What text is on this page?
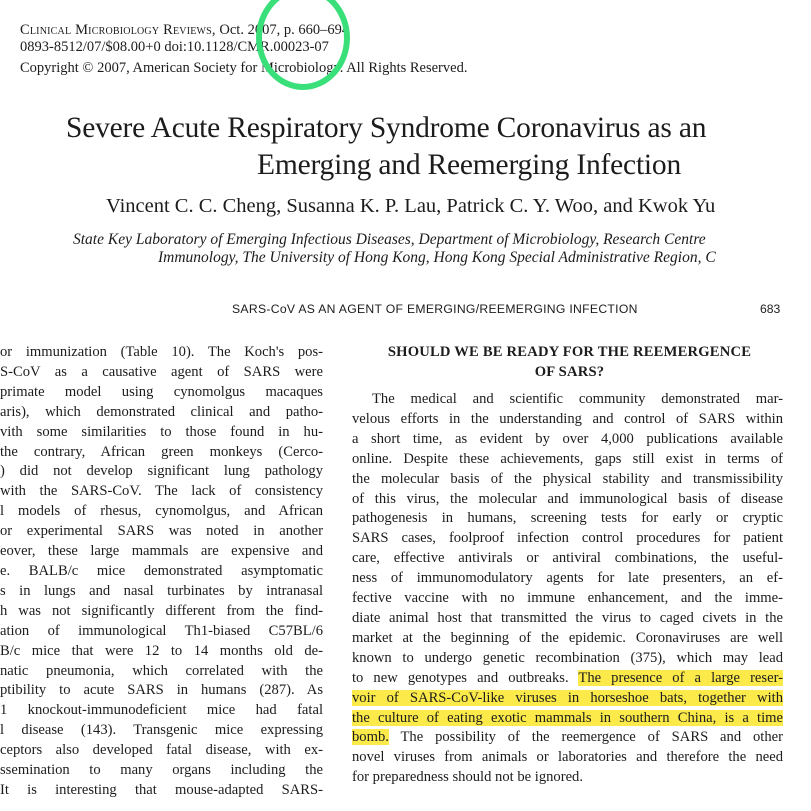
Clinical Microbiology Reviews, Oct. 2007, p. 660–694
0893-8512/07/$08.00+0 doi:10.1128/CMR.00023-07
Copyright © 2007, American Society for Microbiology. All Rights Reserved.
Severe Acute Respiratory Syndrome Coronavirus as an
Emerging and Reemerging Infection
Vincent C. C. Cheng, Susanna K. P. Lau, Patrick C. Y. Woo, and Kwok Yu
State Key Laboratory of Emerging Infectious Diseases, Department of Microbiology, Research Centre
Immunology, The University of Hong Kong, Hong Kong Special Administrative Region, C
SARS-CoV AS AN AGENT OF EMERGING/REEMERGING INFECTION	683
or immunization (Table 10). The Koch's pos-
S-CoV as a causative agent of SARS were
primate model using cynomolgus macaques
aris), which demonstrated clinical and patho-
vith some similarities to those found in hu-
the contrary, African green monkeys (Cerco-
) did not develop significant lung pathology
with the SARS-CoV. The lack of consistency
l models of rhesus, cynomolgus, and African
or experimental SARS was noted in another
eover, these large mammals are expensive and
e. BALB/c mice demonstrated asymptomatic
s in lungs and nasal turbinates by intranasal
h was not significantly different from the find-
ation of immunological Th1-biased C57BL/6
B/c mice that were 12 to 14 months old de-
natic pneumonia, which correlated with the
ptibility to acute SARS in humans (287). As
1 knockout-immunodeficient mice had fatal
l disease (143). Transgenic mice expressing
ceptors also developed fatal disease, with ex-
ssemination to many organs including the
It is interesting that mouse-adapted SARS-
SHOULD WE BE READY FOR THE REEMERGENCE
OF SARS?
The medical and scientific community demonstrated mar-
velous efforts in the understanding and control of SARS within
a short time, as evident by over 4,000 publications available
online. Despite these achievements, gaps still exist in terms of
the molecular basis of the physical stability and transmissibility
of this virus, the molecular and immunological basis of disease
pathogenesis in humans, screening tests for early or cryptic
SARS cases, foolproof infection control procedures for patient
care, effective antivirals or antiviral combinations, the useful-
ness of immunomodulatory agents for late presenters, an ef-
fective vaccine with no immune enhancement, and the imme-
diate animal host that transmitted the virus to caged civets in the
market at the beginning of the epidemic. Coronaviruses are well
known to undergo genetic recombination (375), which may lead
to new genotypes and outbreaks. The presence of a large reser-
voir of SARS-CoV-like viruses in horseshoe bats, together with
the culture of eating exotic mammals in southern China, is a time
bomb. The possibility of the reemergence of SARS and other
novel viruses from animals or laboratories and therefore the need
for preparedness should not be ignored.
